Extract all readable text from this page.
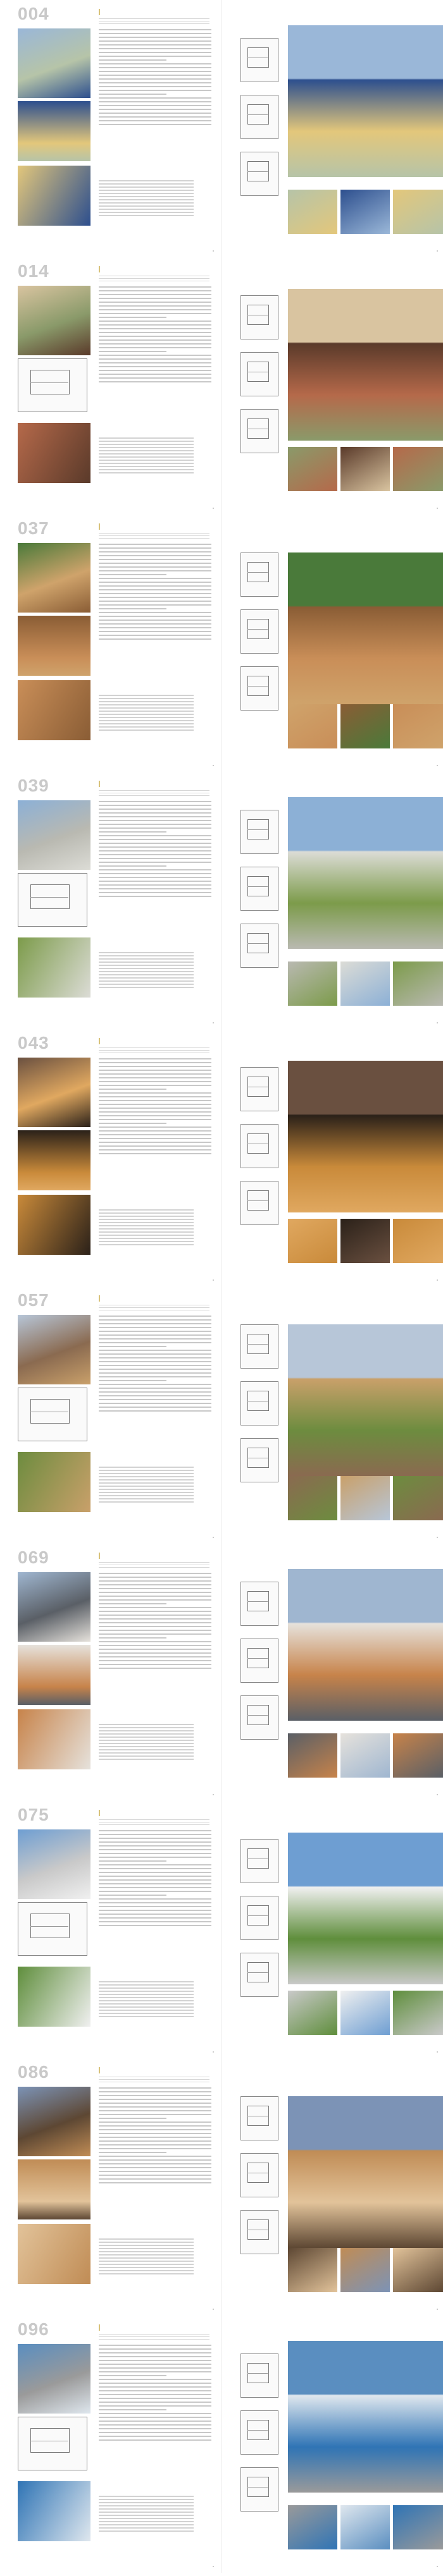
004
014
037
039
043
057
069
075
086
096
